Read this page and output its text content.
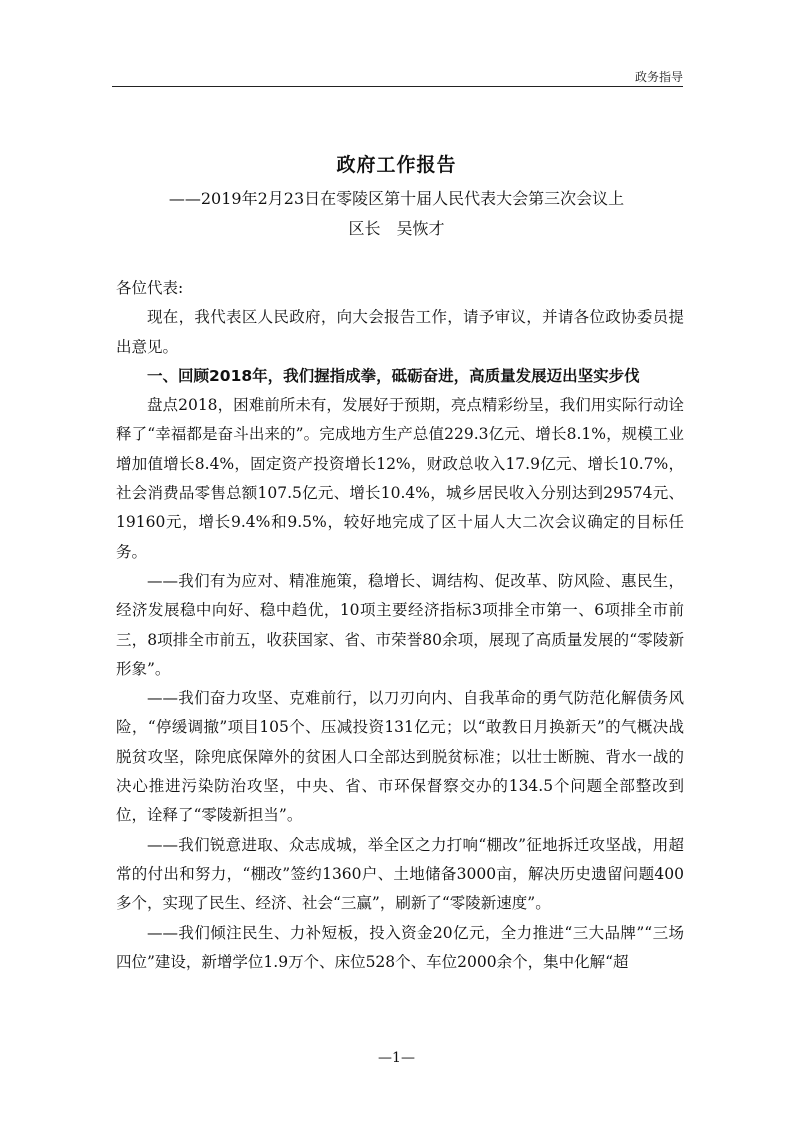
政务指导
政府工作报告
——2019年2月23日在零陵区第十届人民代表大会第三次会议上
区长　吴恢才

各位代表:

现在，我代表区人民政府，向大会报告工作，请予审议，并请各位政协委员提出意见。

一、回顾2018年，我们握指成拳，砥砺奋进，高质量发展迈出坚实步伐

盘点2018，困难前所未有，发展好于预期，亮点精彩纷呈，我们用实际行动诠释了“幸福都是奋斗出来的”。完成地方生产总值229.3亿元、增长8.1%，规模工业增加值增长8.4%，固定资产投资增长12%，财政总收入17.9亿元、增长10.7%，社会消费品零售总额107.5亿元、增长10.4%，城乡居民收入分别达到29574元、19160元，增长9.4%和9.5%，较好地完成了区十届人大二次会议确定的目标任务。

——我们有为应对、精准施策，稳增长、调结构、促改革、防风险、惠民生，经济发展稳中向好、稳中趋优，10项主要经济指标3项排全市第一、6项排全市前三，8项排全市前五，收获国家、省、市荣誉80余项，展现了高质量发展的“零陵新形象”。

——我们奋力攻坚、克难前行，以刀刃向内、自我革命的勇气防范化解债务风险，“停缓调撤”项目105个、压减投资131亿元；以“敢教日月换新天”的气概决战脱贫攻坚，除兜底保障外的贫困人口全部达到脱贫标准；以壮士断腕、背水一战的决心推进污染防治攻坚，中央、省、市环保督察交办的134.5个问题全部整改到位，诠释了“零陵新担当”。

——我们锐意进取、众志成城，举全区之力打响“棚改”征地拆迁攻坚战，用超常的付出和努力，“棚改”签约1360户、土地储备3000亩，解决历史遗留问题400多个，实现了民生、经济、社会“三赢”，刷新了“零陵新速度”。

——我们倾注民生、力补短板，投入资金20亿元，全力推进“三大品牌”“三场四位”建设，新增学位1.9万个、床位528个、车位2000余个，集中化解“超

—1—
